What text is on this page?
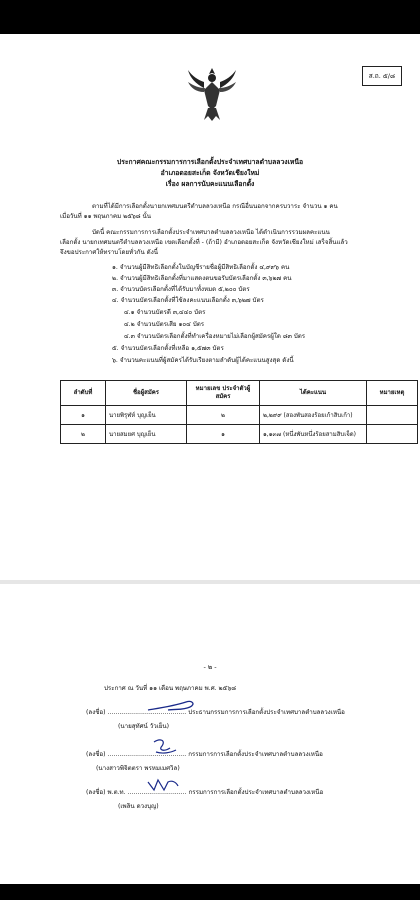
ส.ถ. ๕/๘
ประกาศคณะกรรมการการเลือกตั้งประจำเทศบาลตำบลลวงเหนือ
อำเภอดอยสะเก็ด จังหวัดเชียงใหม่
เรื่อง ผลการนับคะแนนเลือกตั้ง
ตามที่ได้มีการเลือกตั้งนายกเทศมนตรีตำบลลวงเหนือ กรณีอื่นนอกจากครบวาระ จำนวน ๑ คน
เมื่อวันที่ ๑๑ พฤษภาคม ๒๕๖๘ นั้น
บัดนี้ คณะกรรมการการเลือกตั้งประจำเทศบาลตำบลลวงเหนือ ได้ดำเนินการรวมผลคะแนน
เลือกตั้ง นายกเทศมนตรีตำบลลวงเหนือ เขตเลือกตั้งที่ - (ถ้ามี) อำเภอดอยสะเก็ด จังหวัดเชียงใหม่ เสร็จสิ้นแล้ว
จึงขอประกาศให้ทราบโดยทั่วกัน ดังนี้
๑. จำนวนผู้มีสิทธิเลือกตั้งในบัญชีรายชื่อผู้มีสิทธิเลือกตั้ง ๔,๙๙๖ คน
๒. จำนวนผู้มีสิทธิเลือกตั้งที่มาแสดงตนขอรับบัตรเลือกตั้ง ๓,๖๒๗ คน
๓. จำนวนบัตรเลือกตั้งที่ได้รับมาทั้งหมด ๕,๒๐๐ บัตร
๔. จำนวนบัตรเลือกตั้งที่ใช้ลงคะแนนเลือกตั้ง ๓,๖๒๗ บัตร
๔.๑ จำนวนบัตรดี ๓,๔๔๐ บัตร
๔.๒ จำนวนบัตรเสีย ๑๐๔ บัตร
๔.๓ จำนวนบัตรเลือกตั้งที่ทำเครื่องหมายไม่เลือกผู้สมัครผู้ใด ๘๓ บัตร
๕. จำนวนบัตรเลือกตั้งที่เหลือ ๑,๕๗๓ บัตร
๖. จำนวนคะแนนที่ผู้สมัครได้รับเรียงตามลำดับผู้ได้คะแนนสูงสุด ดังนี้
ลำดับที่	ชื่อผู้สมัคร	หมายเลข ประจำตัวผู้สมัคร	ได้คะแนน	หมายเหตุ
๑	นายพิรุฬห์ บุญเย็น	๒	๒,๒๙๙ (สองพันสองร้อยเก้าสิบเก้า)	
๒	นายสมยศ บุญเย็น	๑	๑,๑๓๗ (หนึ่งพันหนึ่งร้อยสามสิบเจ็ด)	
- ๒ -
ประกาศ ณ วันที่ ๑๑ เดือน พฤษภาคม พ.ศ. ๒๕๖๘
(ลงชื่อ) ........................................ ประธานกรรมการการเลือกตั้งประจำเทศบาลตำบลลวงเหนือ
(นายสุทัศน์ วัวเย็น)
(ลงชื่อ) ........................................ กรรมการการเลือกตั้งประจำเทศบาลตำบลลวงเหนือ
(นางสาวพิจิตตรา พรหมเมศวิล)
(ลงชื่อ) พ.ต.ท. .............................. กรรมการการเลือกตั้งประจำเทศบาลตำบลลวงเหนือ
(เพลิน ดวงบุญ)
